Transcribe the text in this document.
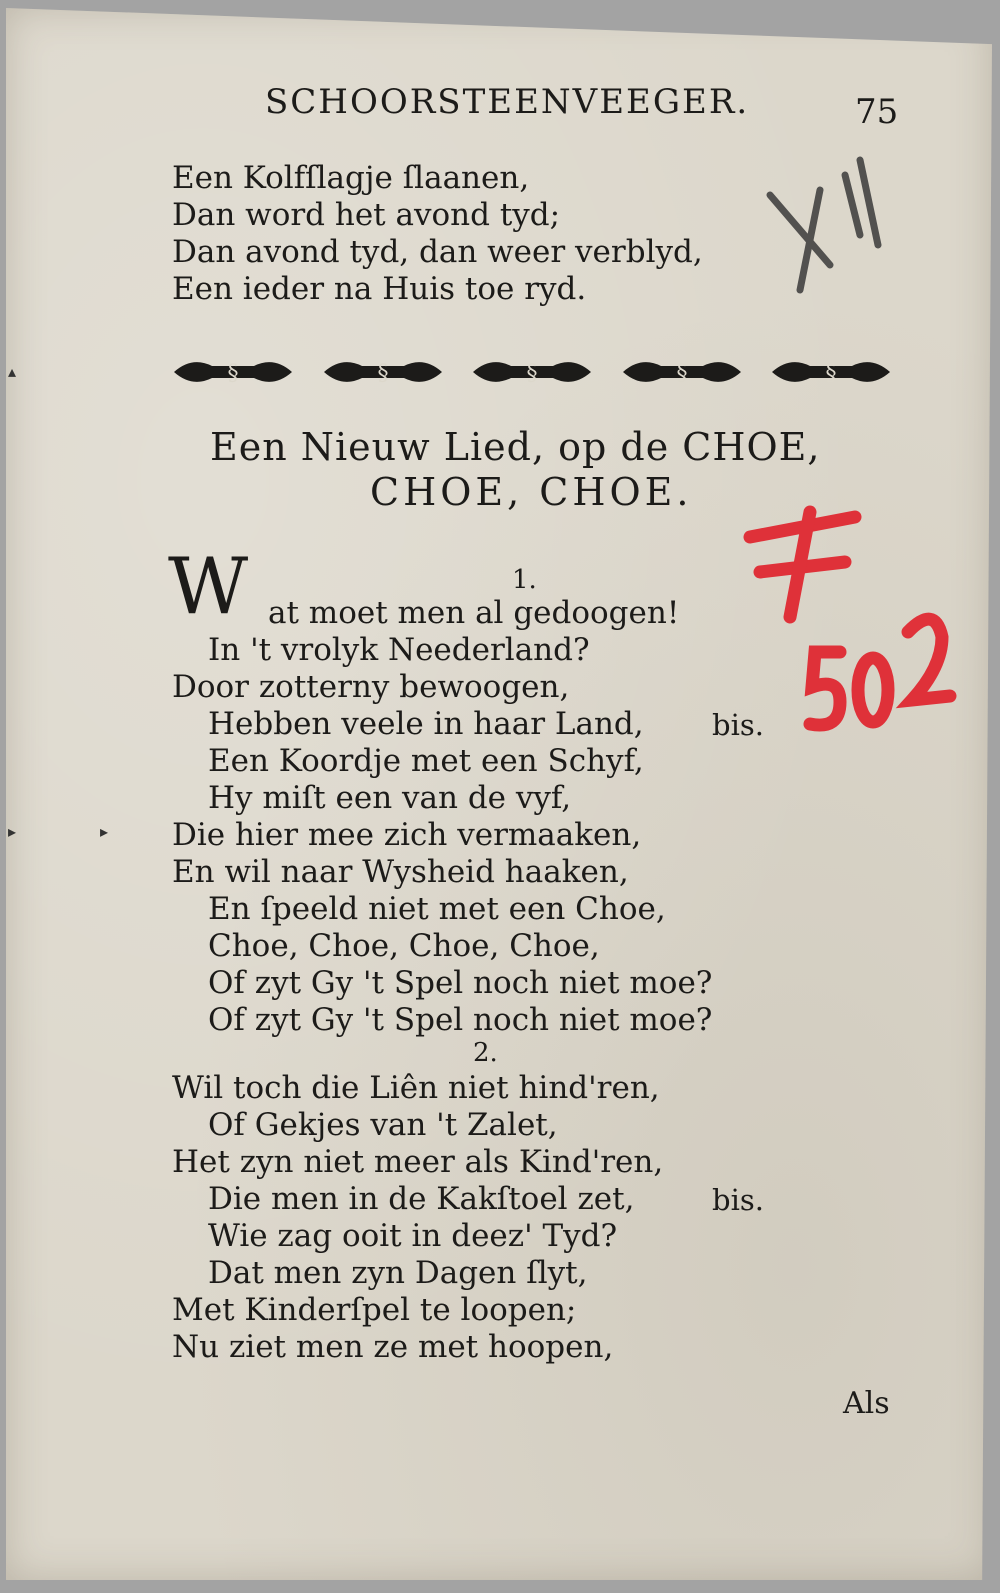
SCHOORSTEENVEEGER.	75
Een Kolfſlagje ſlaanen,
Dan word het avond tyd;
Dan avond tyd, dan weer verblyd,
Een ieder na Huis toe ryd.
§	§	§	§	§
Een Nieuw Lied, op de CHOE,
CHOE, CHOE.
1.
W at moet men al gedoogen!
In 't vrolyk Neederland?
Door zotterny bewoogen,
Hebben veele in haar Land, bis.
Een Koordje met een Schyf,
Hy miſt een van de vyf,
Die hier mee zich vermaaken,
En wil naar Wysheid haaken,
En ſpeeld niet met een Choe,
Choe, Choe, Choe, Choe,
Of zyt Gy 't Spel noch niet moe?
Of zyt Gy 't Spel noch niet moe?
2.
Wil toch die Liên niet hind'ren,
Of Gekjes van 't Zalet,
Het zyn niet meer als Kind'ren,
Die men in de Kakſtoel zet,	bis.
Wie zag ooit in deez' Tyd?
Dat men zyn Dagen ſlyt,
Met Kinderſpel te loopen;
Nu ziet men ze met hoopen,
Als
▴
▸
▸
